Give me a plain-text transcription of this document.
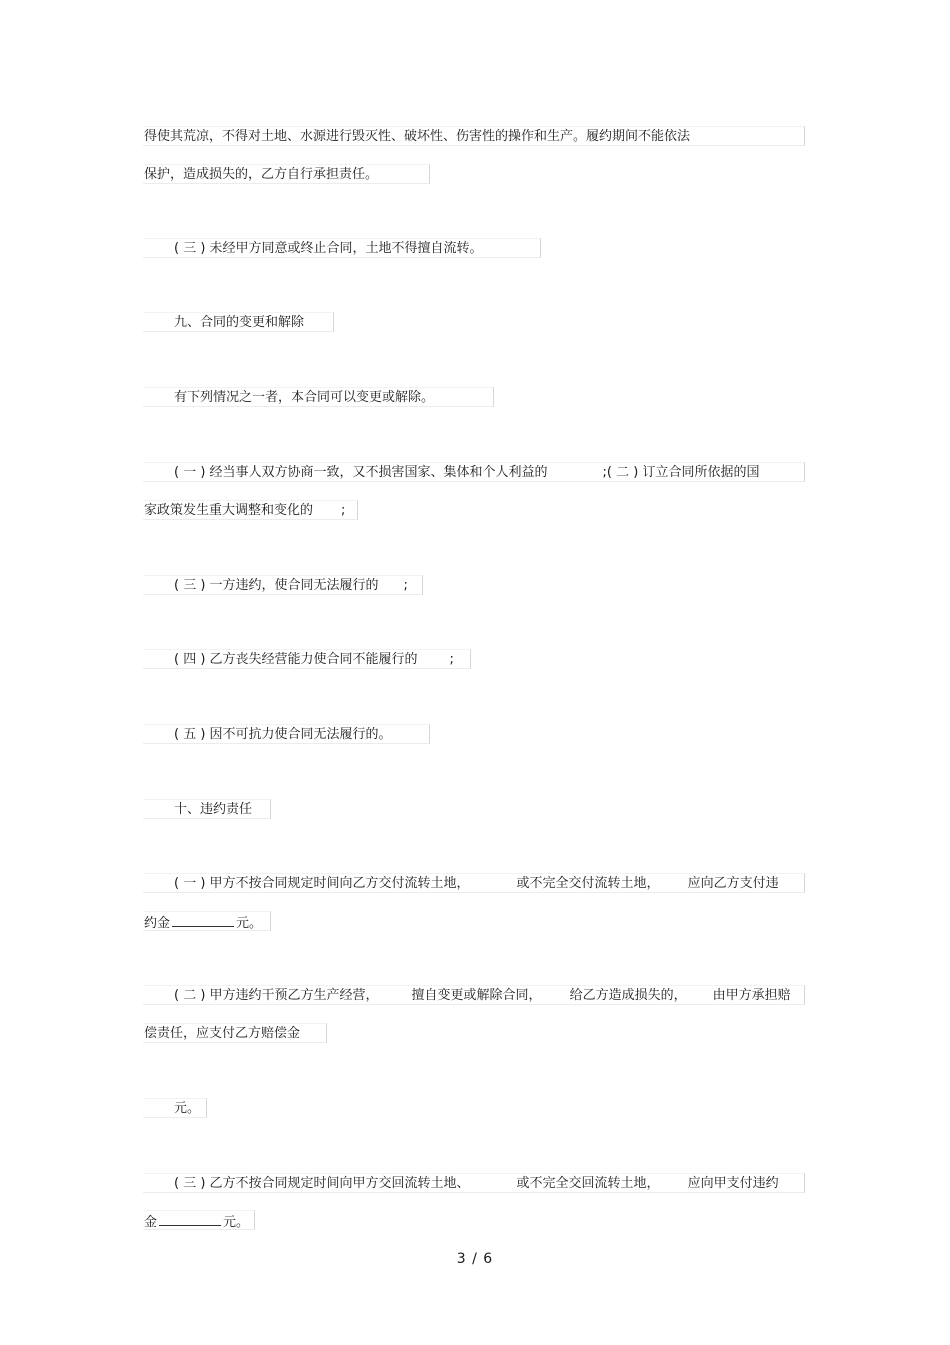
得使其荒凉，不得对土地、水源进行毁灭性、破坏性、伤害性的操作和生产。履约期间不能依法
保护，造成损失的，乙方自行承担责任。
( 三 ) 未经甲方同意或终止合同，土地不得擅自流转。
九、合同的变更和解除
有下列情况之一者，本合同可以变更或解除。
( 一 ) 经当事人双方协商一致，又不损害国家、集体和个人利益的	;( 二 ) 订立合同所依据的国
家政策发生重大调整和变化的 ;
( 三 ) 一方违约，使合同无法履行的 ;
( 四 ) 乙方丧失经营能力使合同不能履行的 ;
( 五 ) 因不可抗力使合同无法履行的。
十、违约责任
( 一 ) 甲方不按合同规定时间向乙方交付流转土地，	或不完全交付流转土地， 应向乙方支付违
约金	元。
( 二 ) 甲方违约干预乙方生产经营，	擅自变更或解除合同， 给乙方造成损失的， 由甲方承担赔
偿责任，应支付乙方赔偿金
元。
( 三 ) 乙方不按合同规定时间向甲方交回流转土地、	或不完全交回流转土地， 应向甲支付违约
金	元。
3 / 6
